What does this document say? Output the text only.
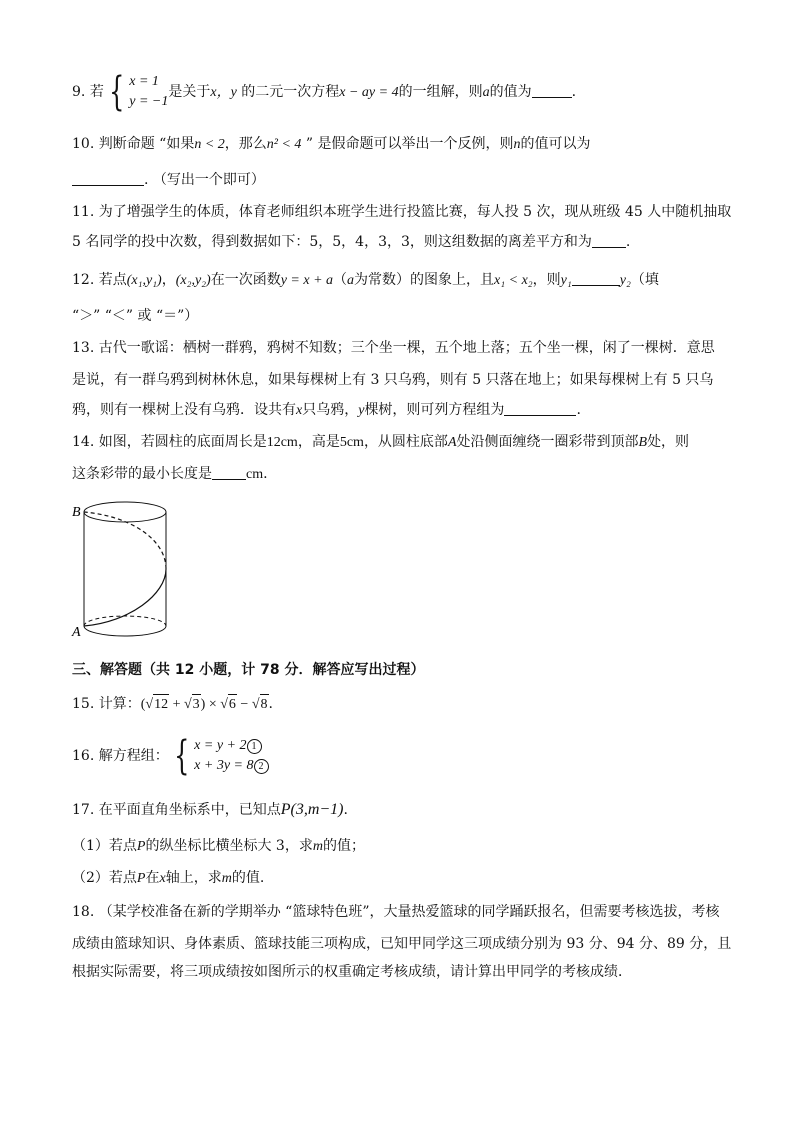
9. 若 { x = 1
y = −1是关于x，y 的二元一次方程x − ay = 4的一组解，则a的值为	.
10. 判断命题 “如果n < 2，那么n² < 4 ” 是假命题可以举出一个反例，则n的值可以为
. （写出一个即可）
11. 为了增强学生的体质，体育老师组织本班学生进行投篮比赛，每人投 5 次，现从班级 45 人中随机抽取
5 名同学的投中次数，得到数据如下：5，5，4，3，3，则这组数据的离差平方和为 .
12. 若点(x₁,y₁)，(x₂,y₂)在一次函数y = x + a（a为常数）的图象上，且x₁ < x₂，则y₁	y₂（填
“＞” “＜” 或 “＝”）
13. 古代一歌谣：栖树一群鸦，鸦树不知数；三个坐一棵，五个地上落；五个坐一棵，闲了一棵树．意思
是说，有一群乌鸦到树林休息，如果每棵树上有 3 只乌鸦，则有 5 只落在地上；如果每棵树上有 5 只乌
鸦，则有一棵树上没有乌鸦．设共有x只乌鸦，y棵树，则可列方程组为	.
14. 如图，若圆柱的底面周长是12cm，高是5cm，从圆柱底部A处沿侧面缠绕一圈彩带到顶部B处，则
这条彩带的最小长度是 cm.
B
A
三、解答题（共 12 小题，计 78 分．解答应写出过程）
15. 计算：(√12 + √3) × √6 − √8.
16. 解方程组： { x = y + 2 1
x + 3y = 8 2
17. 在平面直角坐标系中，已知点P(3,m−1).
（1）若点P的纵坐标比横坐标大 3，求m的值；
（2）若点P在x轴上，求m的值.
18. （某学校准备在新的学期举办 “篮球特色班”，大量热爱篮球的同学踊跃报名，但需要考核选拔，考核
成绩由篮球知识、身体素质、篮球技能三项构成，已知甲同学这三项成绩分别为 93 分、94 分、89 分，且
根据实际需要，将三项成绩按如图所示的权重确定考核成绩，请计算出甲同学的考核成绩．
